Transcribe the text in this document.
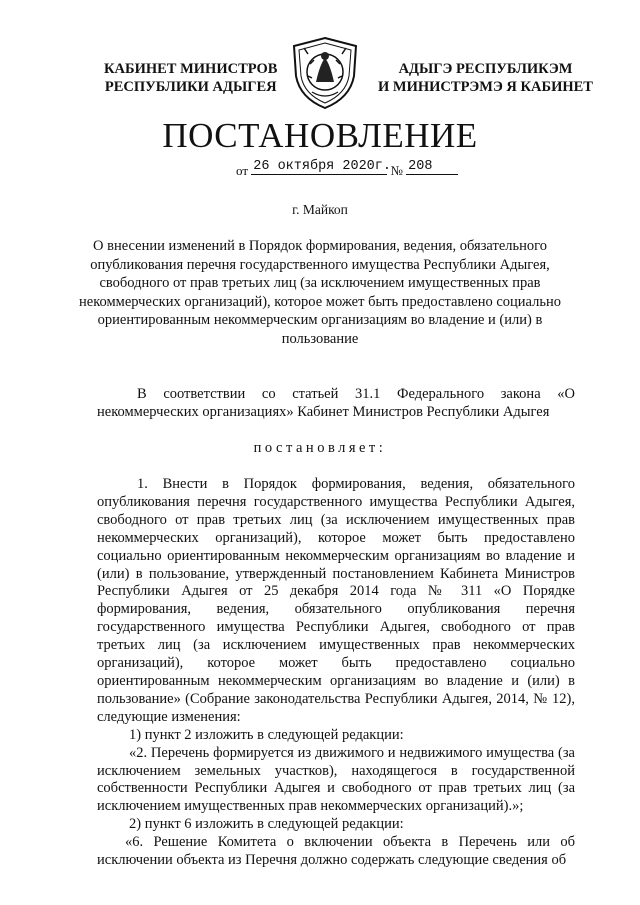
КАБИНЕТ МИНИСТРОВ
РЕСПУБЛИКИ АДЫГЕЯ
АДЫГЭ РЕСПУБЛИКЭМ
И МИНИСТРЭМЭ Я КАБИНЕТ
ПОСТАНОВЛЕНИЕ
от 26 октября 2020г. № 208
г. Майкоп
О внесении изменений в Порядок формирования, ведения, обязательного опубликования перечня государственного имущества Республики Адыгея, свободного от прав третьих лиц (за исключением имущественных прав некоммерческих организаций), которое может быть предоставлено социально ориентированным некоммерческим организациям во владение и (или) в пользование

В соответствии со статьей 31.1 Федерального закона «О некоммерческих организациях» Кабинет Министров Республики Адыгея

постановляет:

1. Внести в Порядок формирования, ведения, обязательного опубликования перечня государственного имущества Республики Адыгея, свободного от прав третьих лиц (за исключением имущественных прав некоммерческих организаций), которое может быть предоставлено социально ориентированным некоммерческим организациям во владение и (или) в пользование, утвержденный постановлением Кабинета Министров Республики Адыгея от 25 декабря 2014 года № 311 «О Порядке формирования, ведения, обязательного опубликования перечня государственного имущества Республики Адыгея, свободного от прав третьих лиц (за исключением имущественных прав некоммерческих организаций), которое может быть предоставлено социально ориентированным некоммерческим организациям во владение и (или) в пользование» (Собрание законодательства Республики Адыгея, 2014, № 12), следующие изменения:

1) пункт 2 изложить в следующей редакции:

«2. Перечень формируется из движимого и недвижимого имущества (за исключением земельных участков), находящегося в государственной собственности Республики Адыгея и свободного от прав третьих лиц (за исключением имущественных прав некоммерческих организаций).»;

2) пункт 6 изложить в следующей редакции:

«6. Решение Комитета о включении объекта в Перечень или об исключении объекта из Перечня должно содержать следующие сведения об
